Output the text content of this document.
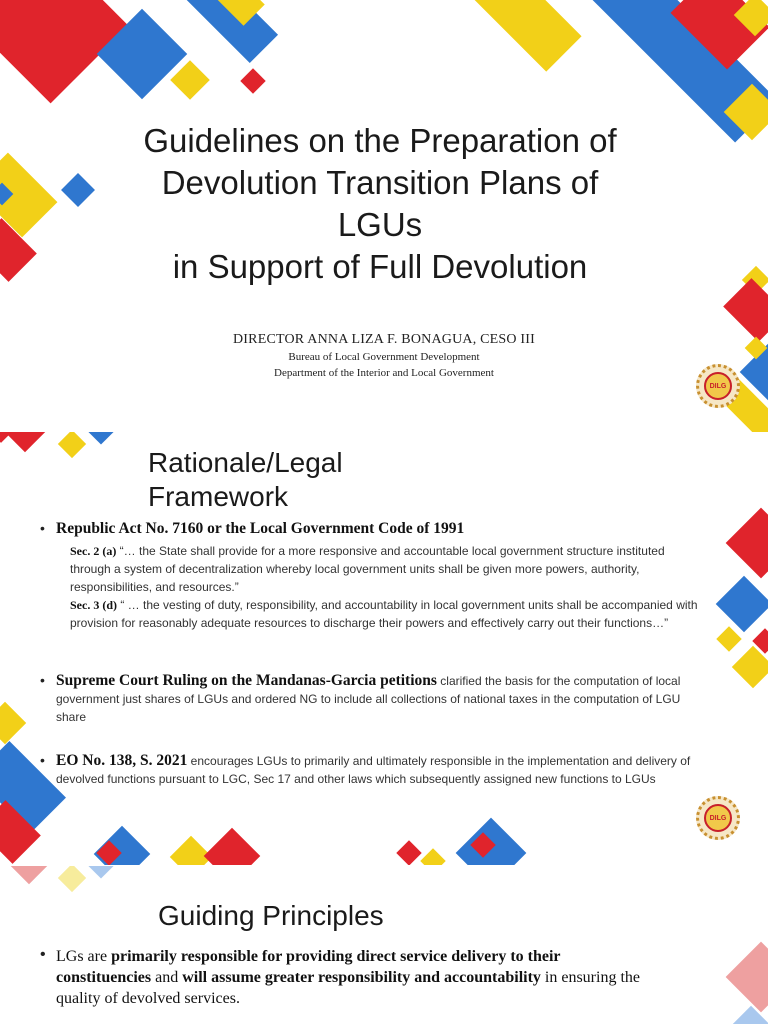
Guidelines on the Preparation of
Devolution Transition Plans of
LGUs
in Support of Full Devolution
DIRECTOR ANNA LIZA F. BONAGUA, CESO III
Bureau of Local Government Development
Department of the Interior and Local Government
DILG
Rationale/Legal
Framework
• Republic Act No. 7160 or the Local Government Code of 1991
Sec. 2 (a) “… the State shall provide for a more responsive and accountable local government structure instituted through a system of decentralization whereby local government units shall be given more powers, authority, responsibilities, and resources.”
Sec. 3 (d) “ … the vesting of duty, responsibility, and accountability in local government units shall be accompanied with provision for reasonably adequate resources to discharge their powers and effectively carry out their functions…”
• Supreme Court Ruling on the Mandanas-Garcia petitions clarified the basis for the computation of local government just shares of LGUs and ordered NG to include all collections of national taxes in the computation of LGU share
• EO No. 138, S. 2021 encourages LGUs to primarily and ultimately responsible in the implementation and delivery of devolved functions pursuant to LGC, Sec 17 and other laws which subsequently assigned new functions to LGUs
DILG
Guiding Principles
• LGs are primarily responsible for providing direct service delivery to their constituencies and will assume greater responsibility and accountability in ensuring the quality of devolved services.
